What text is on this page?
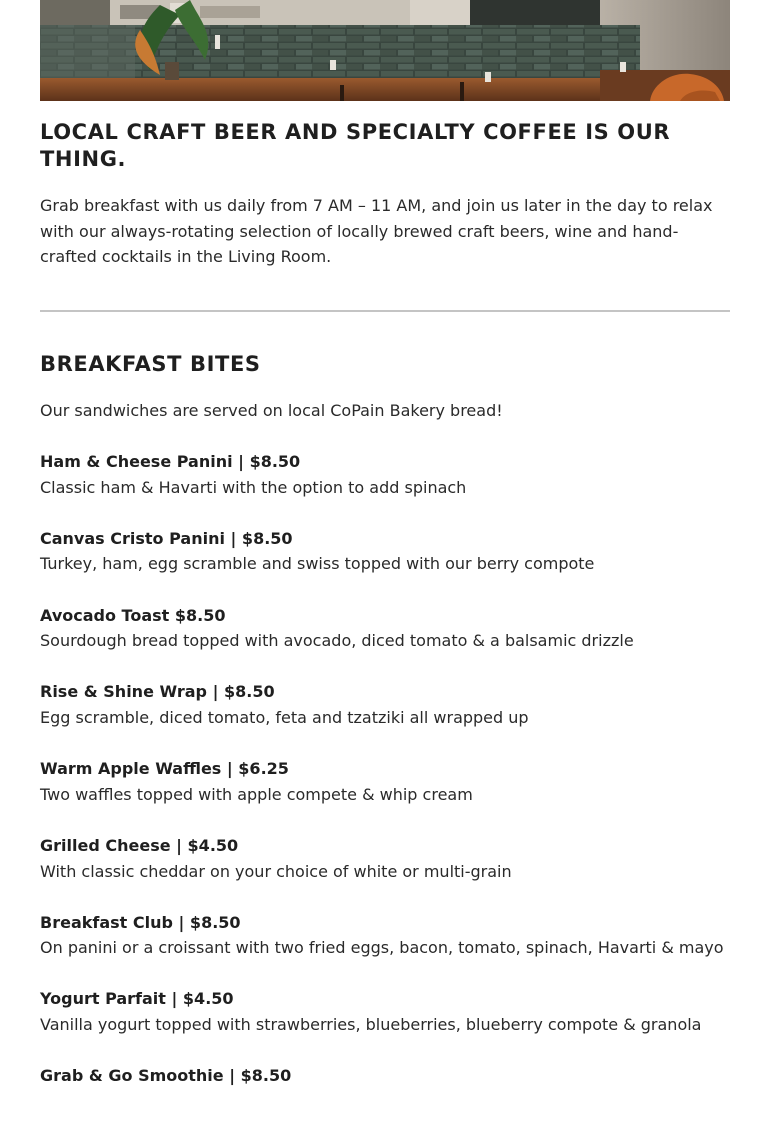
LOCAL CRAFT BEER AND SPECIALTY COFFEE IS OUR THING.

Grab breakfast with us daily from 7 AM – 11 AM, and join us later in the day to relax with our always-rotating selection of locally brewed craft beers, wine and hand-crafted cocktails in the Living Room.

BREAKFAST BITES

Our sandwiches are served on local CoPain Bakery bread!

Ham & Cheese Panini | $8.50
Classic ham & Havarti with the option to add spinach
Canvas Cristo Panini | $8.50
Turkey, ham, egg scramble and swiss topped with our berry compote
Avocado Toast $8.50
Sourdough bread topped with avocado, diced tomato & a balsamic drizzle
Rise & Shine Wrap | $8.50
Egg scramble, diced tomato, feta and tzatziki all wrapped up
Warm Apple Waffles | $6.25
Two waffles topped with apple compete & whip cream
Grilled Cheese | $4.50
With classic cheddar on your choice of white or multi-grain
Breakfast Club | $8.50
On panini or a croissant with two fried eggs, bacon, tomato, spinach, Havarti & mayo
Yogurt Parfait | $4.50
Vanilla yogurt topped with strawberries, blueberries, blueberry compote & granola
Grab & Go Smoothie | $8.50
